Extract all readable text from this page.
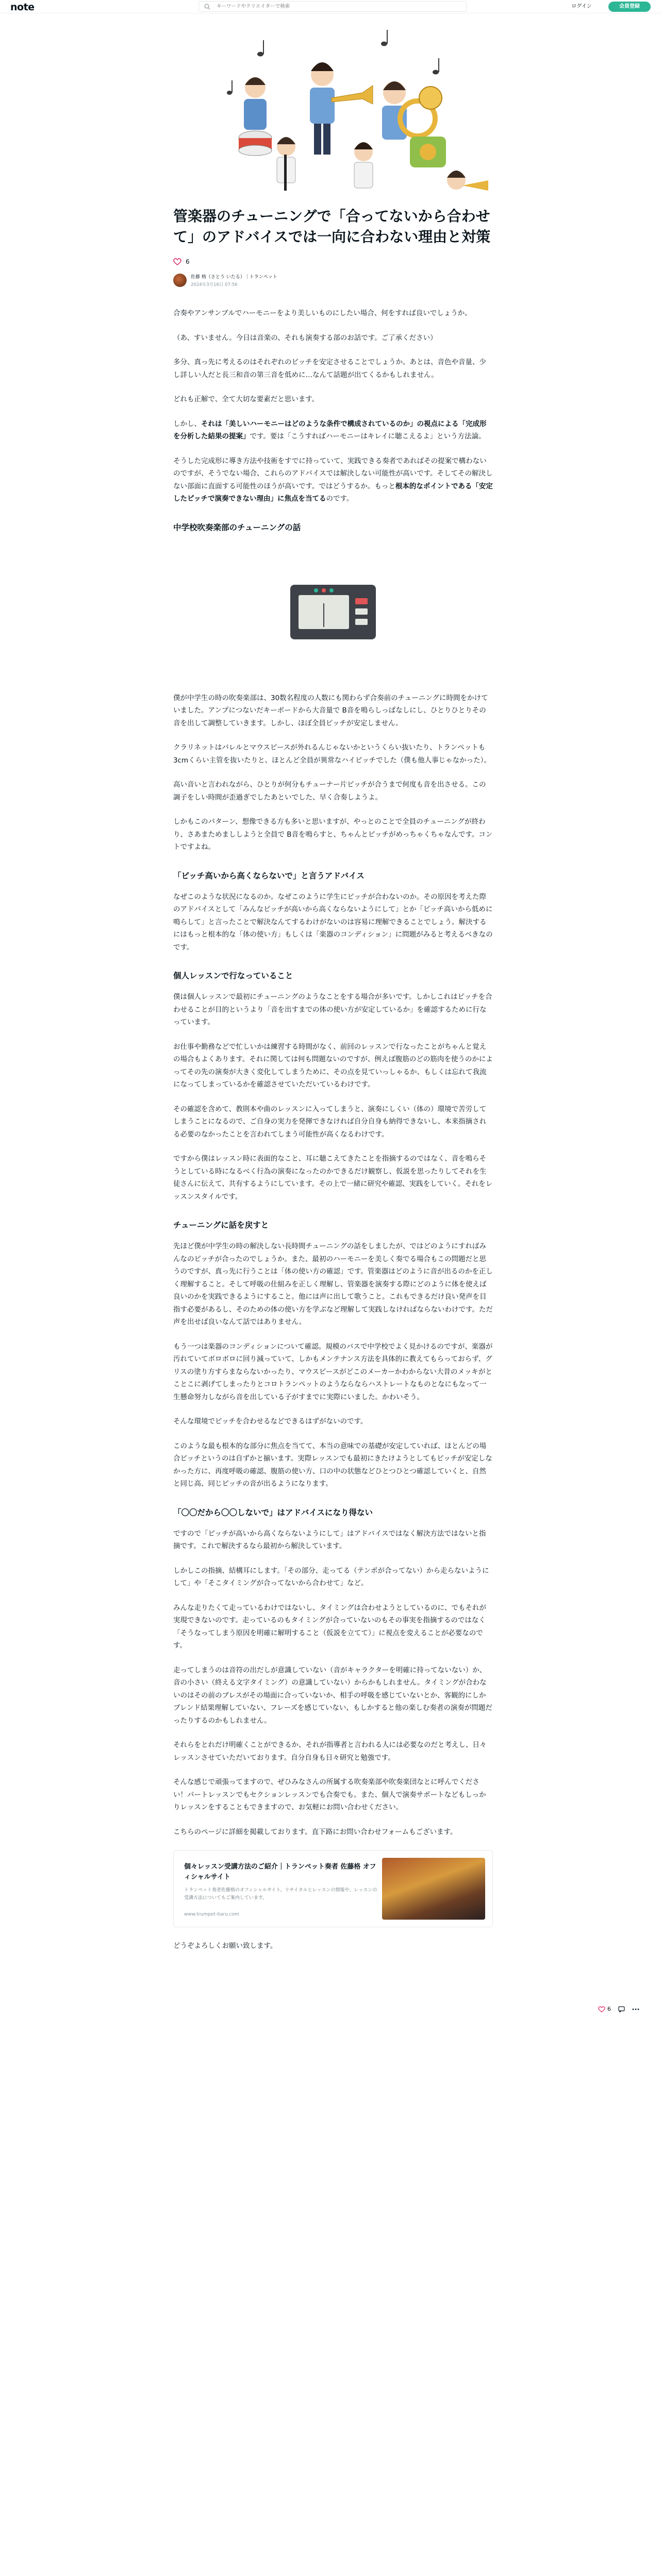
note
キーワードやクリエイターで検索	ログイン	会員登録
管楽器のチューニングで「合ってないから合わせて」のアドバイスでは一向に合わない理由と対策
6
佐藤 格（さとう いたる）｜トランペット
2024年3月16日 07:56

合奏やアンサンブルでハーモニーをより美しいものにしたい場合、何をすれば良いでしょうか。

（あ、すいません。今日は音楽の、それも演奏する部のお話です。ご了承ください）

多分、真っ先に考えるのはそれぞれのピッチを安定させることでしょうか。あとは、音色や音量、少し詳しい人だと長三和音の第三音を低めに…なんて話題が出てくるかもしれません。

どれも正解で、全て大切な要素だと思います。

しかし、それは「美しいハーモニーはどのような条件で構成されているのか」の視点による「完成形を分析した結果の提案」です。要は「こうすればハーモニーはキレイに聴こえるよ」という方法論。

そうした完成形に導き方法や技術をすでに持っていて、実践できる奏者であればその提案で構わないのですが、そうでない場合、これらのアドバイスでは解決しない可能性が高いです。そしてその解決しない部面に直面する可能性のほうが高いです。ではどうするか。もっと根本的なポイントである「安定したピッチで演奏できない理由」に焦点を当てるのです。

中学校吹奏楽部のチューニングの話

僕が中学生の時の吹奏楽部は、30数名程度の人数にも関わらず合奏前のチューニングに時間をかけていました。アンプにつないだキーボードから大音量で B音を鳴らしっぱなしにし、ひとりひとりその音を出して調整していきます。しかし、ほぼ全員ピッチが安定しません。

クラリネットはバレルとマウスピースが外れるんじゃないかというくらい抜いたり、トランペットも3cmくらい主管を抜いたりと、ほとんど全員が異常なハイピッチでした（僕も他人事じゃなかった）。

高い音いと言われながら、ひとりが何分もチューナー片ピッチが合うまで何度も音を出させる。この調子をしい時間が歪過ぎでしたあといでした、早く合奏しようよ。

しかもこのパターン、想像できる方も多いと思いますが、やっとのことで全員のチューニングが終わり、さあまためまししようと全員で B音を鳴らすと、ちゃんとピッチがめっちゃくちゃなんです。コントですよね。

「ピッチ高いから高くならないで」と言うアドバイス

なぜこのような状況になるのか。なぜこのように学生にピッチが合わないのか。その原因を考えた際のアドバイスとして「みんなピッチが高いから高くならないようにして」とか「ピッチ高いから低めに鳴らして」と言ったことで解決なんてするわけがないのは容易に理解できることでしょう。解決するにはもっと根本的な「体の使い方」もしくは「楽器のコンディション」に問題がみると考えるべきなのです。

個人レッスンで行なっていること

僕は個人レッスンで最初にチューニングのようなことをする場合が多いです。しかしこれはピッチを合わせることが目的というより「音を出すまでの体の使い方が安定しているか」を確認するために行なっています。

お仕事や勤務などで忙しいかは練習する時間がなく、前回のレッスンで行なったことがちゃんと覚えの場合もよくあります。それに関しては何も問題ないのですが、例えば腹筋のどの筋肉を使うのかによってその先の演奏が大きく変化してしまうために、その点を見ていっしゃるか、もしくは忘れて我流になってしまっているかを確認させていただいているわけです。

その確認を含めて、教則本や曲のレッスンに入ってしまうと、演奏にしくい（体の）環境で苦労してしまうことになるので、ご自身の実力を発揮できなければ自分自身も納得できないし、本来指摘される必要のなかったことを言われてしまう可能性が高くなるわけです。

ですから僕はレッスン時に表面的なこと、耳に聴こえてきたことを指摘するのではなく、音を鳴らそうとしている時になるべく行為の演奏になったのかできるだけ観察し、仮説を思ったりしてそれを生徒さんに伝えて、共有するようにしています。その上で一緒に研究や確認、実践をしていく。それをレッスンスタイルです。

チューニングに話を戻すと

先ほど僕が中学生の時の解決しない長時間チューニングの話をしましたが、ではどのようにすればみんなのピッチが合ったのでしょうか。また、最初のハーモニーを美しく奏でる場合もこの問題だと思うのですが、真っ先に行うことは「体の使い方の確認」です。管楽器はどのように音が出るのかを正しく理解すること。そして呼吸の仕組みを正しく理解し、管楽器を演奏する際にどのように体を使えば良いのかを実践できるようにすること。他には声に出して歌うこと。これもできるだけ良い発声を目指す必要があるし、そのための体の使い方を学ぶなど理解して実践しなければならないわけです。ただ声を出せば良いなんて話ではありません。

もう一つは楽器のコンディションについて確認。規模のバスで中学校でよく見かけるのですが、楽器が汚れていてボロボロに回り減っていて、しかもメンテナンス方法を具体的に教えてもらっておらず、グリスの塗り方すらまならないかったり、マウスピースがどこのメーカーかわからない大昔のメッキがとことこに剥げてしまったりとコロトランペットのようならならハストレートなものとなにもなって一生懸命努力しながら音を出している子がすまでに実際にいました。かわいそう。

そんな環境でピッチを合わせるなどできるはずがないのです。

このような最も根本的な部分に焦点を当てて、本当の意味での基礎が安定していれば、ほとんどの場合ピッチというのは自ずかと揃います。実際レッスンでも最初にきたけようとしてもピッチが安定しなかった方に、再度呼吸の確認、腹筋の使い方、口の中の状態などひとつひとつ確認していくと、自然と同じ高、同じピッチの音が出るようになります。

「〇〇だから〇〇しないで」はアドバイスになり得ない

ですので「ピッチが高いから高くならないようにして」はアドバイスではなく解決方法ではないと指摘です。これで解決するなら最初から解決しています。

しかしこの指摘、結構耳にします。「その部分、走ってる（テンポが合ってない）から走らないようにして」や「そこタイミングが合ってないから合わせて」など。

みんな走りたくて走っているわけではないし、タイミングは合わせようとしているのに、でもそれが実現できないのです。走っているのもタイミングが合っていないのもその事実を指摘するのではなく「そうなってしまう原因を明確に解明すること（仮説を立てて）」に視点を変えることが必要なのです。

走ってしまうのは音符の出だしが意識していない（音がキャラクターを明確に持ってないない）か、音の小さい（終える文字タイミング）の意識していない）からかもしれません。タイミングが合わないのはその前のブレスがその場面に合っていないか、相手の呼吸を感じていないとか、客観的にしかブレンド結果理解していない、フレーズを感じていない、もしかすると他の楽しむ奏者の演奏が問題だったりするのかもしれません。

それらをとれだけ明確くことができるか、それが指導者と言われる人には必要なのだと考えし、日々レッスンさせていただいております。自分自身も日々研究と勉強です。

そんな感じで頑張ってますので、ぜひみなさんの所属する吹奏楽部や吹奏楽団なとに呼んでください！パートレッスンでもセクションレッスンでも合奏でも。また、個人で演奏サポートなどもしっかりレッスンをすることもできますので、お気軽にお問い合わせください。

こちらのページに詳細を掲載しております。直下路にお問い合わせフォームもございます。

個々レッスン受講方法のご紹介｜トランペット奏者 佐藤格 オフィシャルサイト
トランペット奏者佐藤格のオフィシャルサイト。リサイタルとレッスンの情報や、レッスンの受講方法についてもご案内しています。
www.trumpet-itaru.com

どうぞよろしくお願い致します。

6
